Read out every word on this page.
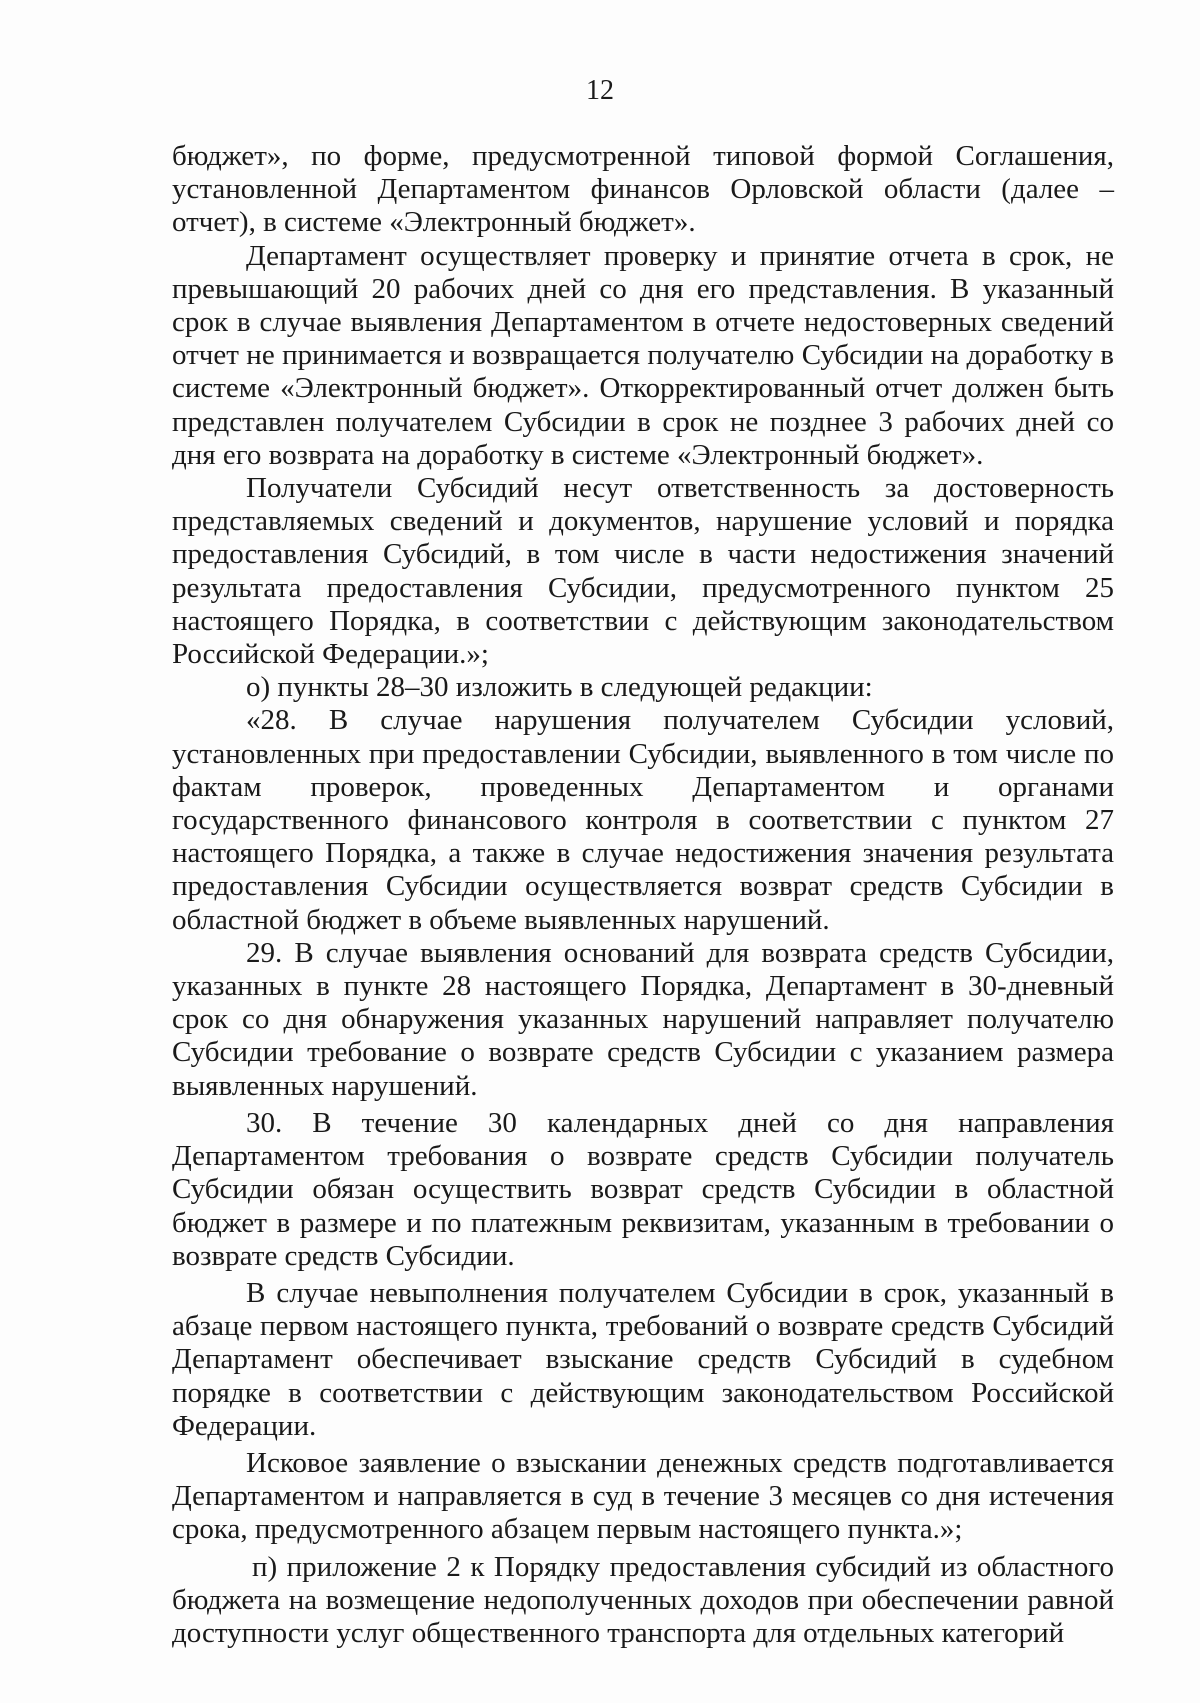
12

бюджет», по форме, предусмотренной типовой формой Соглашения, установленной Департаментом финансов Орловской области (далее – отчет), в системе «Электронный бюджет».

Департамент осуществляет проверку и принятие отчета в срок, не превышающий 20 рабочих дней со дня его представления. В указанный срок в случае выявления Департаментом в отчете недостоверных сведений отчет не принимается и возвращается получателю Субсидии на доработку в системе «Электронный бюджет». Откорректированный отчет должен быть представлен получателем Субсидии в срок не позднее 3 рабочих дней со дня его возврата на доработку в системе «Электронный бюджет».

Получатели Субсидий несут ответственность за достоверность представляемых сведений и документов, нарушение условий и порядка предоставления Субсидий, в том числе в части недостижения значений результата предоставления Субсидии, предусмотренного пунктом 25 настоящего Порядка, в соответствии с действующим законодательством Российской Федерации.»;

о) пункты 28–30 изложить в следующей редакции:

«28. В случае нарушения получателем Субсидии условий, установленных при предоставлении Субсидии, выявленного в том числе по фактам проверок, проведенных Департаментом и органами государственного финансового контроля в соответствии с пунктом 27 настоящего Порядка, а также в случае недостижения значения результата предоставления Субсидии осуществляется возврат средств Субсидии в областной бюджет в объеме выявленных нарушений.

29. В случае выявления оснований для возврата средств Субсидии, указанных в пункте 28 настоящего Порядка, Департамент в 30-дневный срок со дня обнаружения указанных нарушений направляет получателю Субсидии требование о возврате средств Субсидии с указанием размера выявленных нарушений.

30. В течение 30 календарных дней со дня направления Департаментом требования о возврате средств Субсидии получатель Субсидии обязан осуществить возврат средств Субсидии в областной бюджет в размере и по платежным реквизитам, указанным в требовании о возврате средств Субсидии.

В случае невыполнения получателем Субсидии в срок, указанный в абзаце первом настоящего пункта, требований о возврате средств Субсидий Департамент обеспечивает взыскание средств Субсидий в судебном порядке в соответствии с действующим законодательством Российской Федерации.

Исковое заявление о взыскании денежных средств подготавливается Департаментом и направляется в суд в течение 3 месяцев со дня истечения срока, предусмотренного абзацем первым настоящего пункта.»;

п) приложение 2 к Порядку предоставления субсидий из областного бюджета на возмещение недополученных доходов при обеспечении равной доступности услуг общественного транспорта для отдельных категорий
